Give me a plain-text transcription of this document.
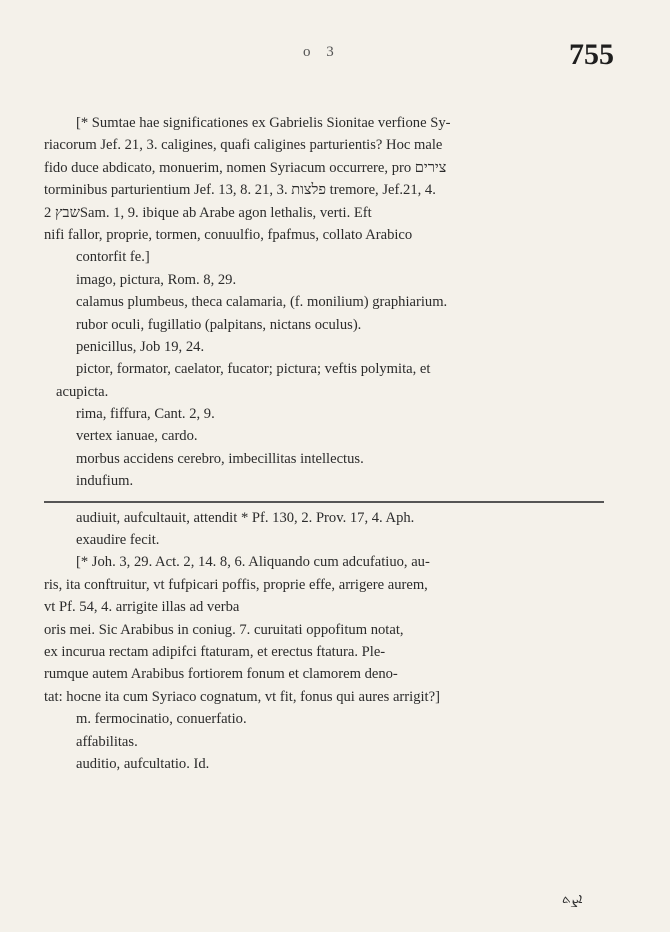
o 3	755
[* Sumtae hae significationes ex Gabrielis Sionitae verfione Sy-
riacorum Jef. 21, 3. caligines, quafi caligines parturientis? Hoc male
fido duce abdicato, monuerim, nomen Syriacum occurrere, pro צירים
torminibus parturientium Jef. 13, 8. 21, 3. פלצות tremore, Jef.21, 4.
שבץ 2Sam. 1, 9. ibique ab Arabe agon lethalis, verti. Eft
nifi fallor, proprie, tormen, conuulfio, fpafmus, collato Arabico
contorfit fe.]
imago, pictura, Rom. 8, 29.
calamus plumbeus, theca calamaria, (f. monilium) graphiarium.
rubor oculi, fugillatio (palpitans, nictans oculus).
penicillus, Job 19, 24.
pictor, formator, caelator, fucator; pictura; veftis polymita, et
acupicta.
rima, fiffura, Cant. 2, 9.
vertex ianuae, cardo.
morbus accidens cerebro, imbecillitas intellectus.
indufium.
audiuit, aufcultauit, attendit * Pf. 130, 2. Prov. 17, 4. Aph.
exaudire fecit.
[* Joh. 3, 29. Act. 2, 14. 8, 6. Aliquando cum adcufatiuo, au-
ris, ita conftruitur, vt fufpicari poffis, proprie effe, arrigere aurem,
vt Pf. 54, 4. arrigite illas ad verba
oris mei. Sic Arabibus in coniug. 7. curuitati oppofitum notat,
ex incurua rectam adipifci ftaturam, et erectus ftatura. Ple-
rumque autem Arabibus fortiorem fonum et clamorem deno-
tat: hocne ita cum Syriaco cognatum, vt fit, fonus qui aures arrigit?]
m. fermocinatio, conuerfatio.
affabilitas.
auditio, aufcultatio. Id.
ܐܨܬ
